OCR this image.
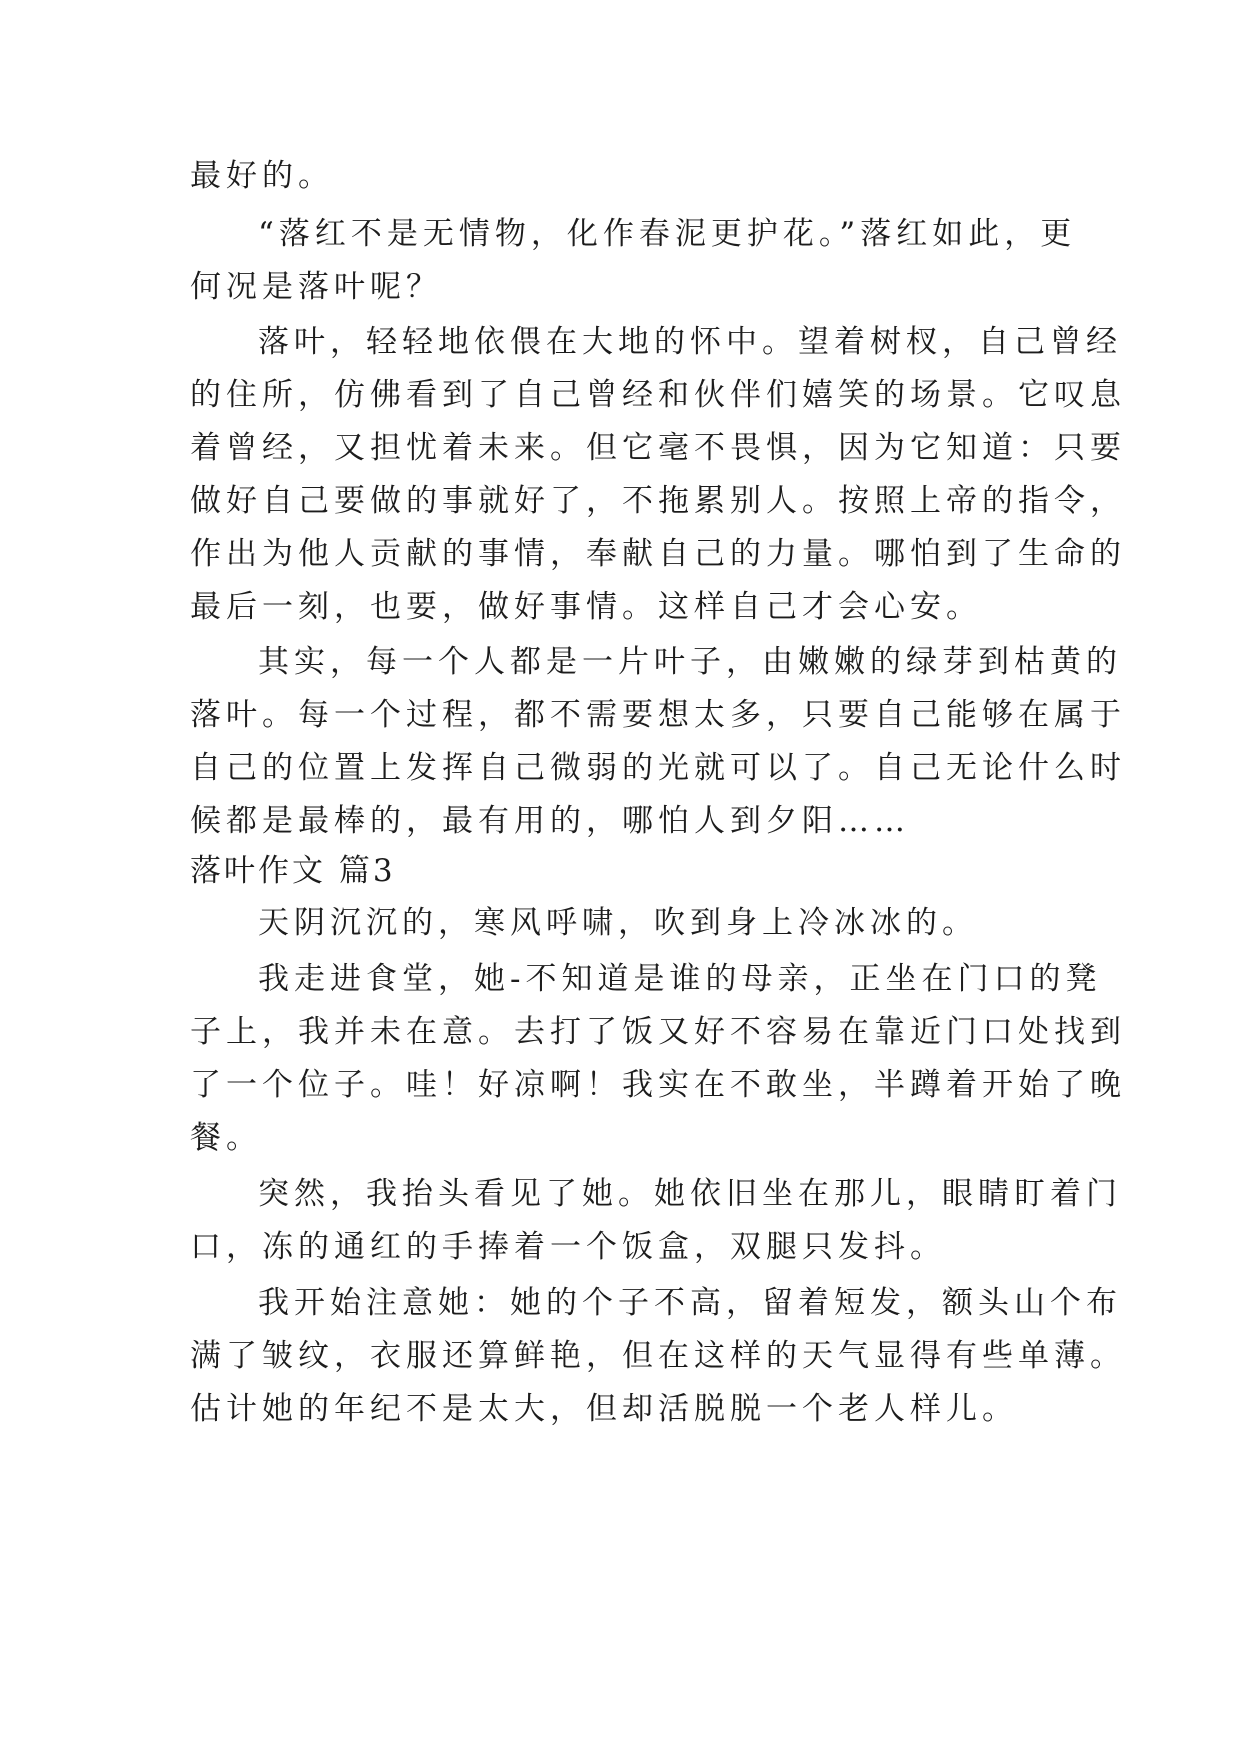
最好的。
“落红不是无情物，化作春泥更护花。”落红如此，更
何况是落叶呢？
落叶，轻轻地依偎在大地的怀中。望着树杈，自己曾经
的住所，仿佛看到了自己曾经和伙伴们嬉笑的场景。它叹息
着曾经，又担忧着未来。但它毫不畏惧，因为它知道：只要
做好自己要做的事就好了，不拖累别人。按照上帝的指令，
作出为他人贡献的事情，奉献自己的力量。哪怕到了生命的
最后一刻，也要，做好事情。这样自己才会心安。
其实，每一个人都是一片叶子，由嫩嫩的绿芽到枯黄的
落叶。每一个过程，都不需要想太多，只要自己能够在属于
自己的位置上发挥自己微弱的光就可以了。自己无论什么时
候都是最棒的，最有用的，哪怕人到夕阳……
落叶作文 篇3
天阴沉沉的，寒风呼啸，吹到身上冷冰冰的。
我走进食堂，她-不知道是谁的母亲，正坐在门口的凳
子上，我并未在意。去打了饭又好不容易在靠近门口处找到
了一个位子。哇！好凉啊！我实在不敢坐，半蹲着开始了晚
餐。
突然，我抬头看见了她。她依旧坐在那儿，眼睛盯着门
口，冻的通红的手捧着一个饭盒，双腿只发抖。
我开始注意她：她的个子不高，留着短发，额头山个布
满了皱纹，衣服还算鲜艳，但在这样的天气显得有些单薄。
估计她的年纪不是太大，但却活脱脱一个老人样儿。
